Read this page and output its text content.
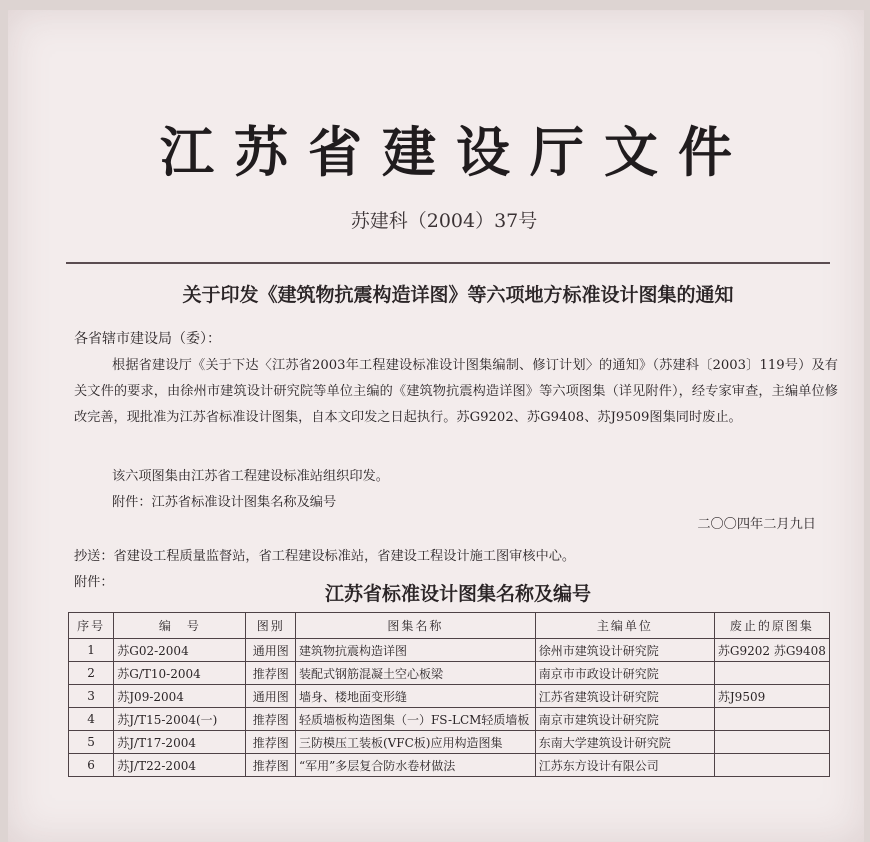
江苏省建设厅文件
苏建科（2004）37号
关于印发《建筑物抗震构造详图》等六项地方标准设计图集的通知
各省辖市建设局（委）：
根据省建设厅《关于下达〈江苏省2003年工程建设标准设计图集编制、修订计划〉的通知》（苏建科〔2003〕119号）及有关文件的要求，由徐州市建筑设计研究院等单位主编的《建筑物抗震构造详图》等六项图集（详见附件），经专家审查，主编单位修改完善，现批准为江苏省标准设计图集，自本文印发之日起执行。苏G9202、苏G9408、苏J9509图集同时废止。
该六项图集由江苏省工程建设标准站组织印发。
附件：江苏省标准设计图集名称及编号
二〇〇四年二月九日
抄送：省建设工程质量监督站，省工程建设标准站，省建设工程设计施工图审核中心。
附件：
江苏省标准设计图集名称及编号
序号	编　号	图别	图集名称	主编单位	废止的原图集
1	苏G02-2004	通用图	建筑物抗震构造详图	徐州市建筑设计研究院	苏G9202 苏G9408
2	苏G/T10-2004	推荐图	装配式钢筋混凝土空心板梁	南京市市政设计研究院	
3	苏J09-2004	通用图	墙身、楼地面变形缝	江苏省建筑设计研究院	苏J9509
4	苏J/T15-2004(一)	推荐图	轻质墙板构造图集（一）FS-LCM轻质墙板	南京市建筑设计研究院	
5	苏J/T17-2004	推荐图	三防模压工装板(VFC板)应用构造图集	东南大学建筑设计研究院	
6	苏J/T22-2004	推荐图	“军用”多层复合防水卷材做法	江苏东方设计有限公司	
